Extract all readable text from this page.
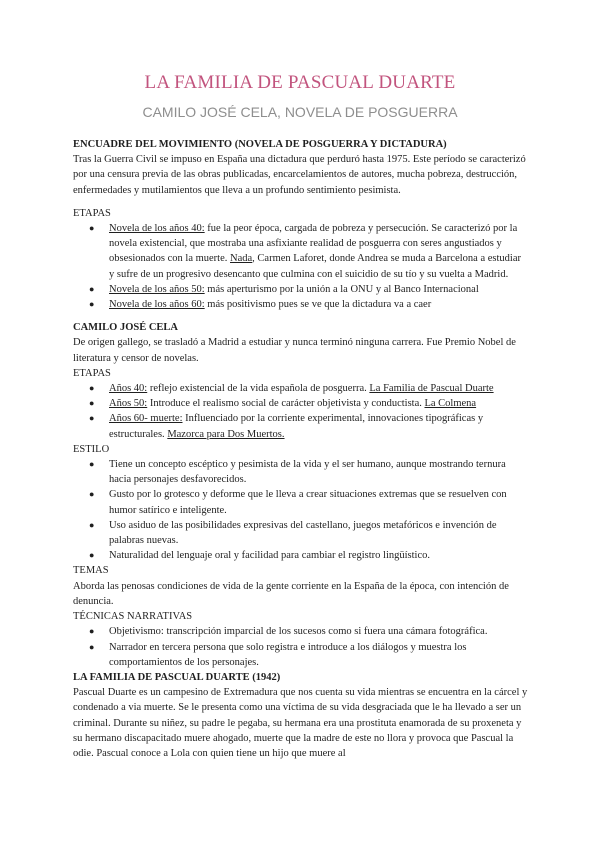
LA FAMILIA DE PASCUAL DUARTE
CAMILO JOSÉ CELA, NOVELA DE POSGUERRA

ENCUADRE DEL MOVIMIENTO (NOVELA DE POSGUERRA Y DICTADURA)

Tras la Guerra Civil se impuso en España una dictadura que perduró hasta 1975. Este período se caracterizó por una censura previa de las obras publicadas, encarcelamientos de autores, mucha pobreza, destrucción, enfermedades y mutilamientos que lleva a un profundo sentimiento pesimista.

ETAPAS

● Novela de los años 40: fue la peor época, cargada de pobreza y persecución. Se caracterizó por la novela existencial, que mostraba una asfixiante realidad de posguerra con seres angustiados y obsesionados con la muerte. Nada, Carmen Laforet, donde Andrea se muda a Barcelona a estudiar y sufre de un progresivo desencanto que culmina con el suicidio de su tío y su vuelta a Madrid.
● Novela de los años 50: más aperturismo por la unión a la ONU y al Banco Internacional
● Novela de los años 60: más positivismo pues se ve que la dictadura va a caer

CAMILO JOSÉ CELA

De origen gallego, se trasladó a Madrid a estudiar y nunca terminó ninguna carrera. Fue Premio Nobel de literatura y censor de novelas.

ETAPAS

● Años 40: reflejo existencial de la vida española de posguerra. La Familia de Pascual Duarte
● Años 50: Introduce el realismo social de carácter objetivista y conductista. La Colmena
● Años 60- muerte: Influenciado por la corriente experimental, innovaciones tipográficas y estructurales. Mazorca para Dos Muertos.

ESTILO

● Tiene un concepto escéptico y pesimista de la vida y el ser humano, aunque mostrando ternura hacia personajes desfavorecidos.
● Gusto por lo grotesco y deforme que le lleva a crear situaciones extremas que se resuelven con humor satírico e inteligente.
● Uso asiduo de las posibilidades expresivas del castellano, juegos metafóricos e invención de palabras nuevas.
● Naturalidad del lenguaje oral y facilidad para cambiar el registro lingüístico.

TEMAS

Aborda las penosas condiciones de vida de la gente corriente en la España de la época, con intención de denuncia.

TÉCNICAS NARRATIVAS

● Objetivismo: transcripción imparcial de los sucesos como si fuera una cámara fotográfica.
● Narrador en tercera persona que solo registra e introduce a los diálogos y muestra los comportamientos de los personajes.

LA FAMILIA DE PASCUAL DUARTE (1942)

Pascual Duarte es un campesino de Extremadura que nos cuenta su vida mientras se encuentra en la cárcel y condenado a via muerte. Se le presenta como una víctima de su vida desgraciada que le ha llevado a ser un criminal. Durante su niñez, su padre le pegaba, su hermana era una prostituta enamorada de su proxeneta y su hermano discapacitado muere ahogado, muerte que la madre de este no llora y provoca que Pascual la odie. Pascual conoce a Lola con quien tiene un hijo que muere al
